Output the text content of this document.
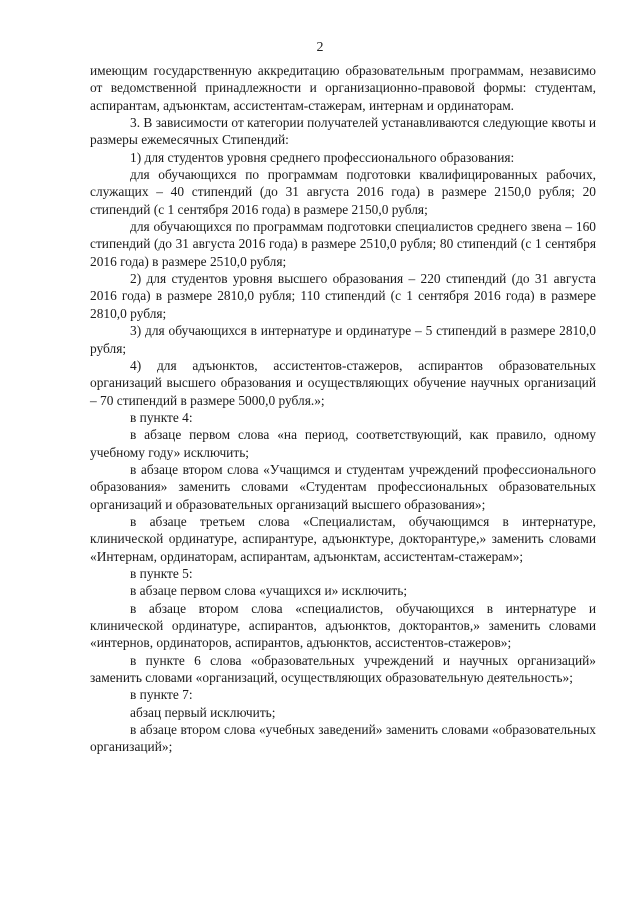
2

имеющим государственную аккредитацию образовательным программам, независимо от ведомственной принадлежности и организационно-правовой формы: студентам, аспирантам, адъюнктам, ассистентам-стажерам, интернам и ординаторам.

3. В зависимости от категории получателей устанавливаются следующие квоты и размеры ежемесячных Стипендий:

1) для студентов уровня среднего профессионального образования:

для обучающихся по программам подготовки квалифицированных рабочих, служащих – 40 стипендий (до 31 августа 2016 года) в размере 2150,0 рубля; 20 стипендий (с 1 сентября 2016 года) в размере 2150,0 рубля;

для обучающихся по программам подготовки специалистов среднего звена – 160 стипендий (до 31 августа 2016 года) в размере 2510,0 рубля; 80 стипендий (с 1 сентября 2016 года) в размере 2510,0 рубля;

2) для студентов уровня высшего образования – 220 стипендий (до 31 августа 2016 года) в размере 2810,0 рубля; 110 стипендий (с 1 сентября 2016 года) в размере 2810,0 рубля;

3) для обучающихся в интернатуре и ординатуре – 5 стипендий в размере 2810,0 рубля;

4) для адъюнктов, ассистентов-стажеров, аспирантов образовательных организаций высшего образования и осуществляющих обучение научных организаций – 70 стипендий в размере 5000,0 рубля.»;

в пункте 4:

в абзаце первом слова «на период, соответствующий, как правило, одному учебному году» исключить;

в абзаце втором слова «Учащимся и студентам учреждений профессионального образования» заменить словами «Студентам профессиональных образовательных организаций и образовательных организаций высшего образования»;

в абзаце третьем слова «Специалистам, обучающимся в интернатуре, клинической ординатуре, аспирантуре, адъюнктуре, докторантуре,» заменить словами «Интернам, ординаторам, аспирантам, адъюнктам, ассистентам-стажерам»;

в пункте 5:

в абзаце первом слова «учащихся и» исключить;

в абзаце втором слова «специалистов, обучающихся в интернатуре и клинической ординатуре, аспирантов, адъюнктов, докторантов,» заменить словами «интернов, ординаторов, аспирантов, адъюнктов, ассистентов-стажеров»;

в пункте 6 слова «образовательных учреждений и научных организаций» заменить словами «организаций, осуществляющих образовательную деятельность»;

в пункте 7:

абзац первый исключить;

в абзаце втором слова «учебных заведений» заменить словами «образовательных организаций»;
